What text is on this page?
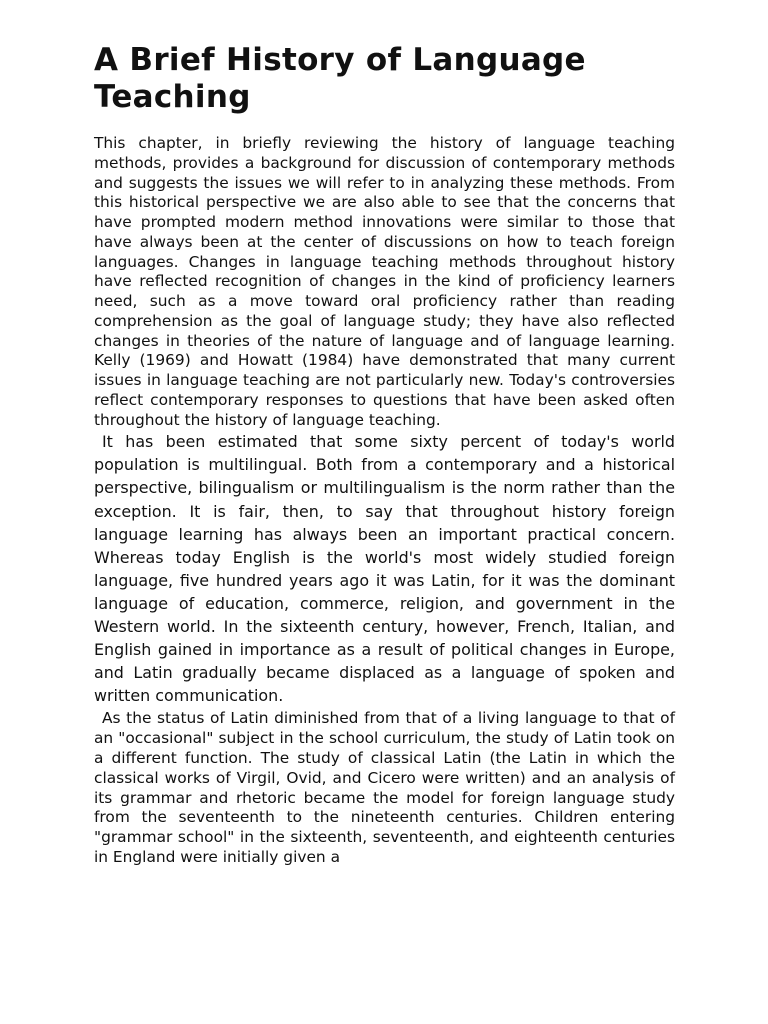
A Brief History of Language Teaching

This chapter, in briefly reviewing the history of language teaching methods, provides a background for discussion of contemporary methods and suggests the issues we will refer to in analyzing these methods. From this historical perspective we are also able to see that the concerns that have prompted modern method innovations were similar to those that have always been at the center of discussions on how to teach foreign languages. Changes in language teaching methods throughout history have reflected recognition of changes in the kind of proficiency learners need, such as a move toward oral proficiency rather than reading comprehension as the goal of language study; they have also reflected changes in theories of the nature of language and of language learning. Kelly (1969) and Howatt (1984) have demonstrated that many current issues in language teaching are not particularly new. Today's controversies reflect contemporary responses to questions that have been asked often throughout the history of language teaching.

It has been estimated that some sixty percent of today's world population is multilingual. Both from a contemporary and a historical perspective, bilingualism or multilingualism is the norm rather than the exception. It is fair, then, to say that throughout history foreign language learning has always been an important practical concern. Whereas today English is the world's most widely studied foreign language, five hundred years ago it was Latin, for it was the dominant language of education, commerce, religion, and government in the Western world. In the sixteenth century, however, French, Italian, and English gained in importance as a result of political changes in Europe, and Latin gradually became displaced as a language of spoken and written communication.

As the status of Latin diminished from that of a living language to that of an "occasional" subject in the school curriculum, the study of Latin took on a different function. The study of classical Latin (the Latin in which the classical works of Virgil, Ovid, and Cicero were written) and an analysis of its grammar and rhetoric became the model for foreign language study from the seventeenth to the nineteenth centuries. Children entering "grammar school" in the sixteenth, seventeenth, and eighteenth centuries in England were initially given a
